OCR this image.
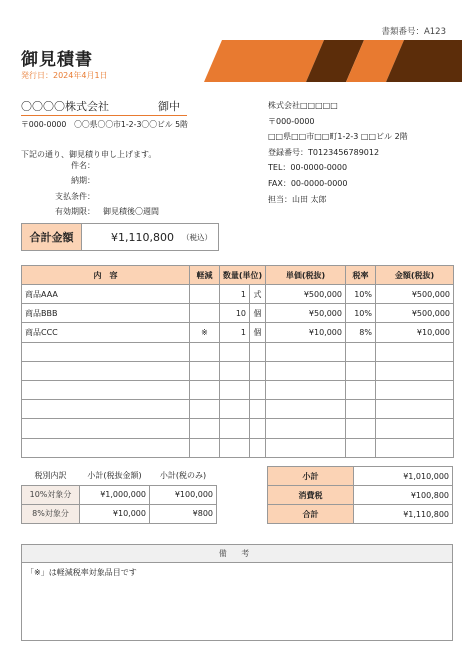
書類番号：A123
御見積書
発行日：2024年4月1日
〇〇〇〇株式会社	御中
〒000-0000　〇〇県〇〇市1-2-3〇〇ビル 5階
下記の通り、御見積り申し上げます。
件名：
納期：
支払条件：
有効期限： 御見積後〇週間
株式会社□□□□□
〒000-0000
□□県□□市□□町1-2-3 □□ビル 2階
登録番号：T0123456789012
TEL：00-0000-0000
FAX：00-0000-0000
担当：山田 太郎
合計金額	¥1,110,800	（税込）
内　容	軽減	数量(単位)		単価(税抜)	税率	金額(税抜)
商品AAA		1	式	¥500,000	10%	¥500,000
商品BBB		10	個	¥50,000	10%	¥500,000
商品CCC	※	1	個	¥10,000	8%	¥10,000

税別内訳	小計(税抜金額)	小計(税のみ)
10%対象分	¥1,000,000	¥100,000
8%対象分	¥10,000	¥800
小計	¥1,010,000
消費税	¥100,800
合計	¥1,110,800
備 考
「※」は軽減税率対象品目です
